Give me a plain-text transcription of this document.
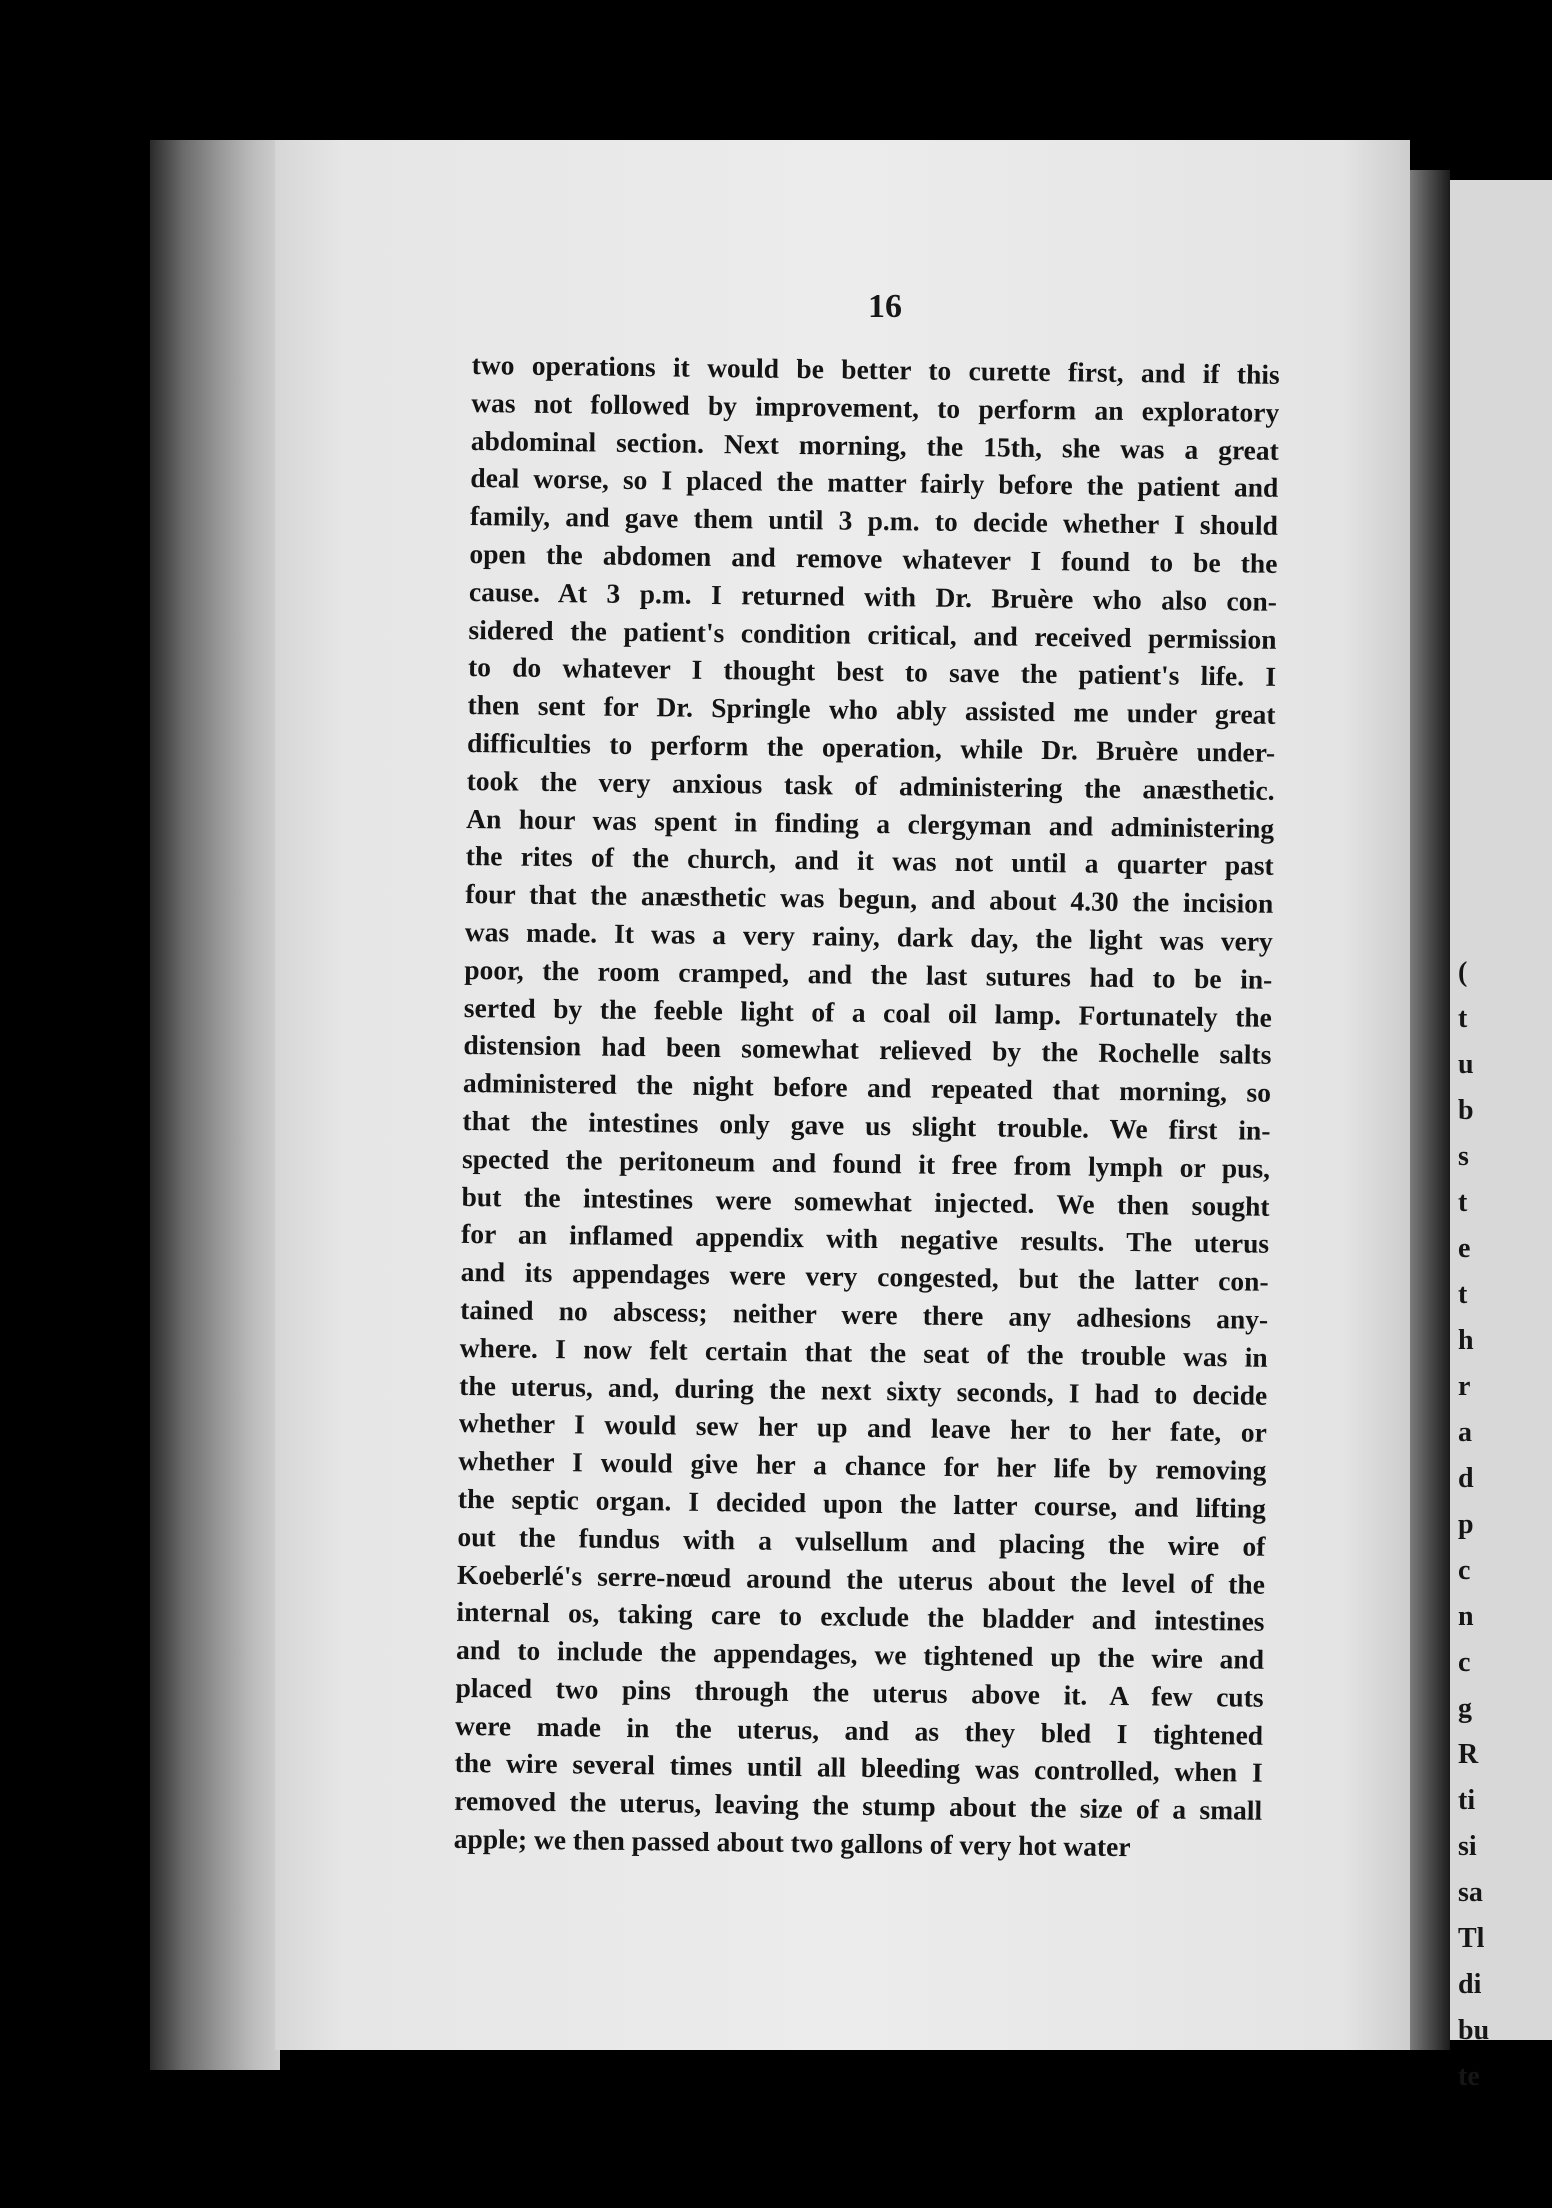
16
two operations it would be better to curette first, and if this
was not followed by improvement, to perform an exploratory
abdominal section. Next morning, the 15th, she was a great
deal worse, so I placed the matter fairly before the patient and
family, and gave them until 3 p.m. to decide whether I should
open the abdomen and remove whatever I found to be the
cause. At 3 p.m. I returned with Dr. Bruère who also con-
sidered the patient's condition critical, and received permission
to do whatever I thought best to save the patient's life. I
then sent for Dr. Springle who ably assisted me under great
difficulties to perform the operation, while Dr. Bruère under-
took the very anxious task of administering the anæsthetic.
An hour was spent in finding a clergyman and administering
the rites of the church, and it was not until a quarter past
four that the anæsthetic was begun, and about 4.30 the incision
was made. It was a very rainy, dark day, the light was very
poor, the room cramped, and the last sutures had to be in-
serted by the feeble light of a coal oil lamp. Fortunately the
distension had been somewhat relieved by the Rochelle salts
administered the night before and repeated that morning, so
that the intestines only gave us slight trouble. We first in-
spected the peritoneum and found it free from lymph or pus,
but the intestines were somewhat injected. We then sought
for an inflamed appendix with negative results. The uterus
and its appendages were very congested, but the latter con-
tained no abscess; neither were there any adhesions any-
where. I now felt certain that the seat of the trouble was in
the uterus, and, during the next sixty seconds, I had to decide
whether I would sew her up and leave her to her fate, or
whether I would give her a chance for her life by removing
the septic organ. I decided upon the latter course, and lifting
out the fundus with a vulsellum and placing the wire of
Koeberlé's serre-nœud around the uterus about the level of the
internal os, taking care to exclude the bladder and intestines
and to include the appendages, we tightened up the wire and
placed two pins through the uterus above it. A few cuts
were made in the uterus, and as they bled I tightened
the wire several times until all bleeding was controlled, when I
removed the uterus, leaving the stump about the size of a small
apple; we then passed about two gallons of very hot water
(
t
u
b
s
t
e
t
h
r
a
d
p
c
n
c
g
R
ti
si
sa
Tl
di
bu
te
